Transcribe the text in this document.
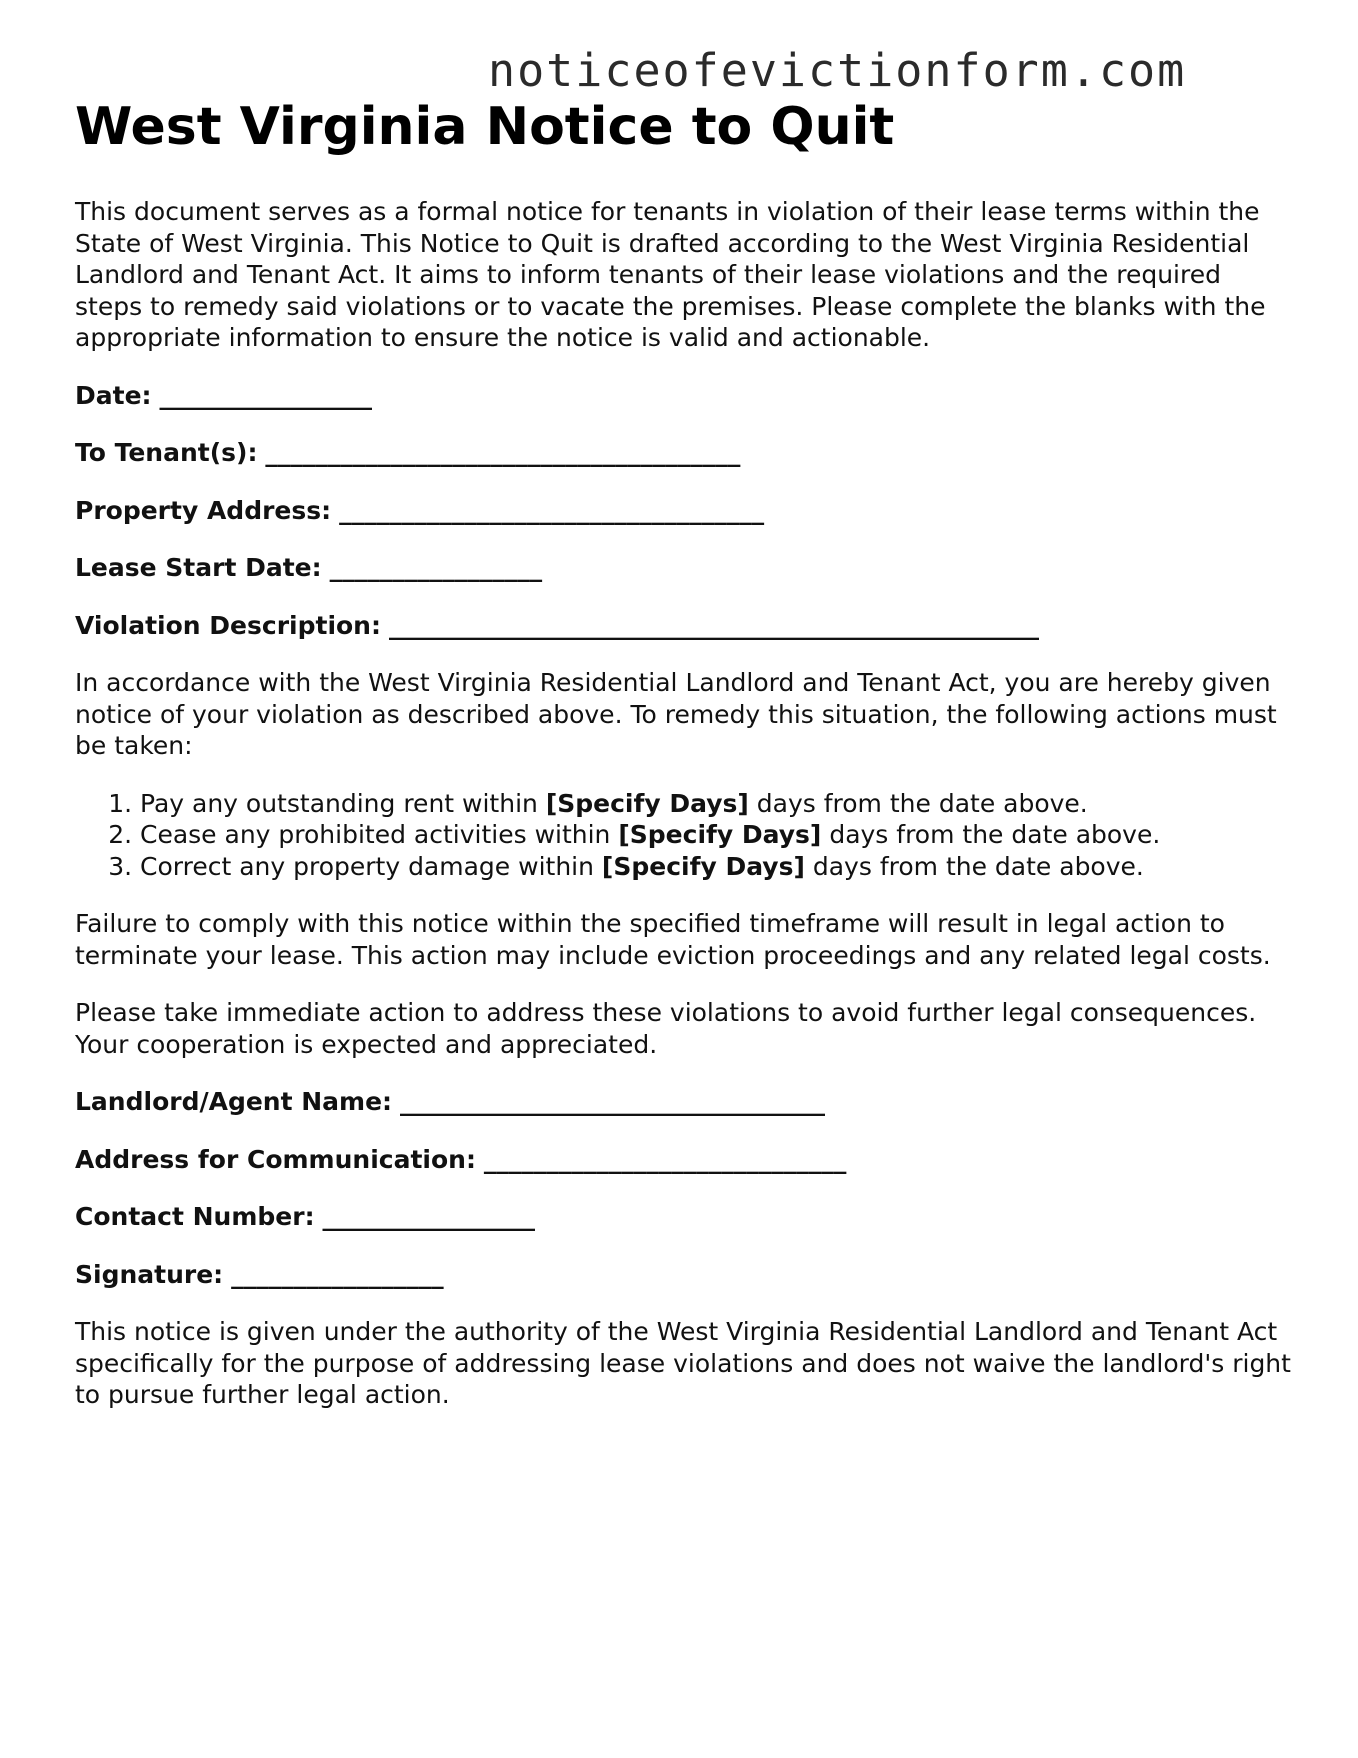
noticeofevictionform.com
West Virginia Notice to Quit

This document serves as a formal notice for tenants in violation of their lease terms within the State of West Virginia. This Notice to Quit is drafted according to the West Virginia Residential Landlord and Tenant Act. It aims to inform tenants of their lease violations and the required steps to remedy said violations or to vacate the premises. Please complete the blanks with the appropriate information to ensure the notice is valid and actionable.

Date: _________________
To Tenant(s): ______________________________________
Property Address: __________________________________
Lease Start Date: _________________
Violation Description: ____________________________________________________

In accordance with the West Virginia Residential Landlord and Tenant Act, you are hereby given notice of your violation as described above. To remedy this situation, the following actions must be taken:

1. Pay any outstanding rent within [Specify Days] days from the date above.
2. Cease any prohibited activities within [Specify Days] days from the date above.
3. Correct any property damage within [Specify Days] days from the date above.

Failure to comply with this notice within the specified timeframe will result in legal action to terminate your lease. This action may include eviction proceedings and any related legal costs.

Please take immediate action to address these violations to avoid further legal consequences. Your cooperation is expected and appreciated.

Landlord/Agent Name: __________________________________
Address for Communication: _____________________________
Contact Number: _________________
Signature: _________________

This notice is given under the authority of the West Virginia Residential Landlord and Tenant Act specifically for the purpose of addressing lease violations and does not waive the landlord's right to pursue further legal action.
